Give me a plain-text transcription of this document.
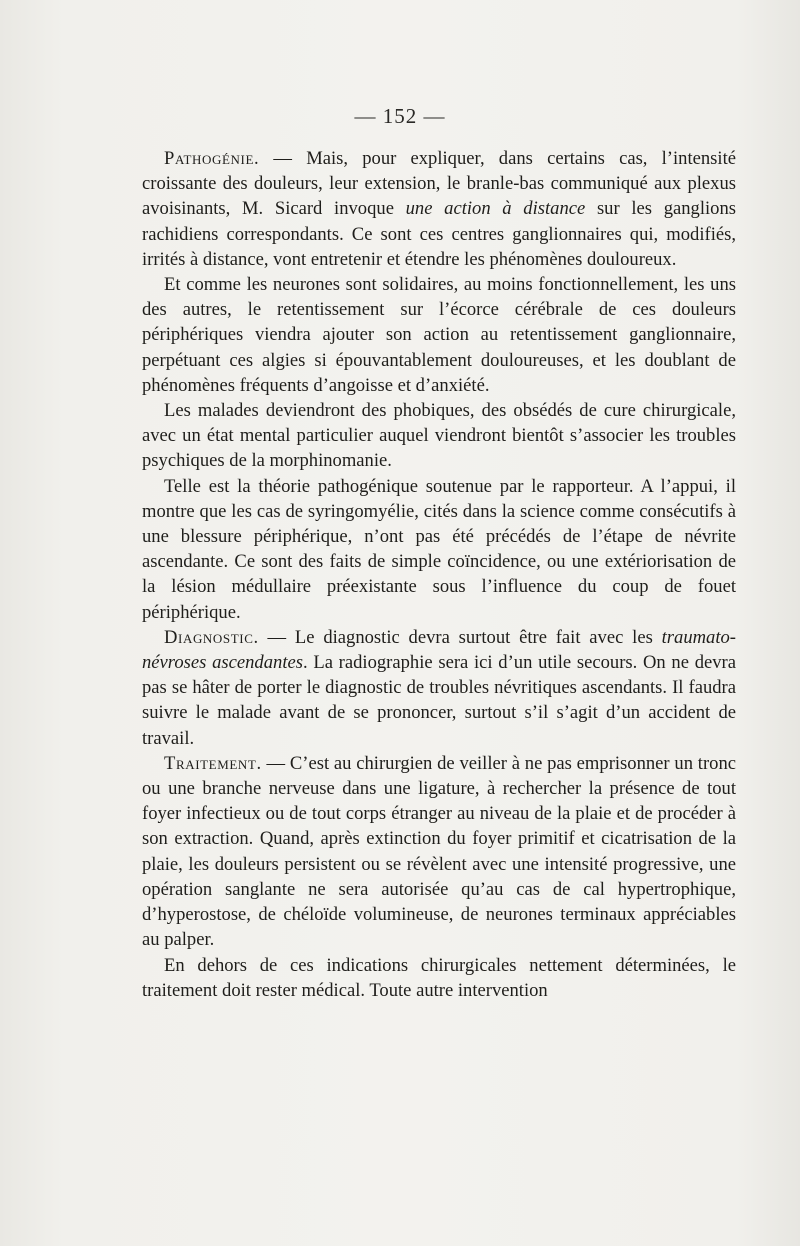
— 152 —

Pathogénie. — Mais, pour expliquer, dans certains cas, l’intensité croissante des douleurs, leur extension, le branle-bas communiqué aux plexus avoisinants, M. Sicard invoque une action à distance sur les ganglions rachidiens correspondants. Ce sont ces centres ganglionnaires qui, modifiés, irrités à distance, vont entretenir et étendre les phénomènes douloureux.

Et comme les neurones sont solidaires, au moins fonctionnellement, les uns des autres, le retentissement sur l’écorce cérébrale de ces douleurs périphériques viendra ajouter son action au retentissement ganglionnaire, perpétuant ces algies si épouvantablement douloureuses, et les doublant de phénomènes fréquents d’angoisse et d’anxiété.

Les malades deviendront des phobiques, des obsédés de cure chirurgicale, avec un état mental particulier auquel viendront bientôt s’associer les troubles psychiques de la morphinomanie.

Telle est la théorie pathogénique soutenue par le rapporteur. A l’appui, il montre que les cas de syringomyélie, cités dans la science comme consécutifs à une blessure périphérique, n’ont pas été précédés de l’étape de névrite ascendante. Ce sont des faits de simple coïncidence, ou une extériorisation de la lésion médullaire préexistante sous l’influence du coup de fouet périphérique.

Diagnostic. — Le diagnostic devra surtout être fait avec les traumato-névroses ascendantes. La radiographie sera ici d’un utile secours. On ne devra pas se hâter de porter le diagnostic de troubles névritiques ascendants. Il faudra suivre le malade avant de se prononcer, surtout s’il s’agit d’un accident de travail.

Traitement. — C’est au chirurgien de veiller à ne pas emprisonner un tronc ou une branche nerveuse dans une ligature, à rechercher la présence de tout foyer infectieux ou de tout corps étranger au niveau de la plaie et de procéder à son extraction. Quand, après extinction du foyer primitif et cicatrisation de la plaie, les douleurs persistent ou se révèlent avec une intensité progressive, une opération sanglante ne sera autorisée qu’au cas de cal hypertrophique, d’hyperostose, de chéloïde volumineuse, de neurones terminaux appréciables au palper.

En dehors de ces indications chirurgicales nettement déterminées, le traitement doit rester médical. Toute autre intervention
